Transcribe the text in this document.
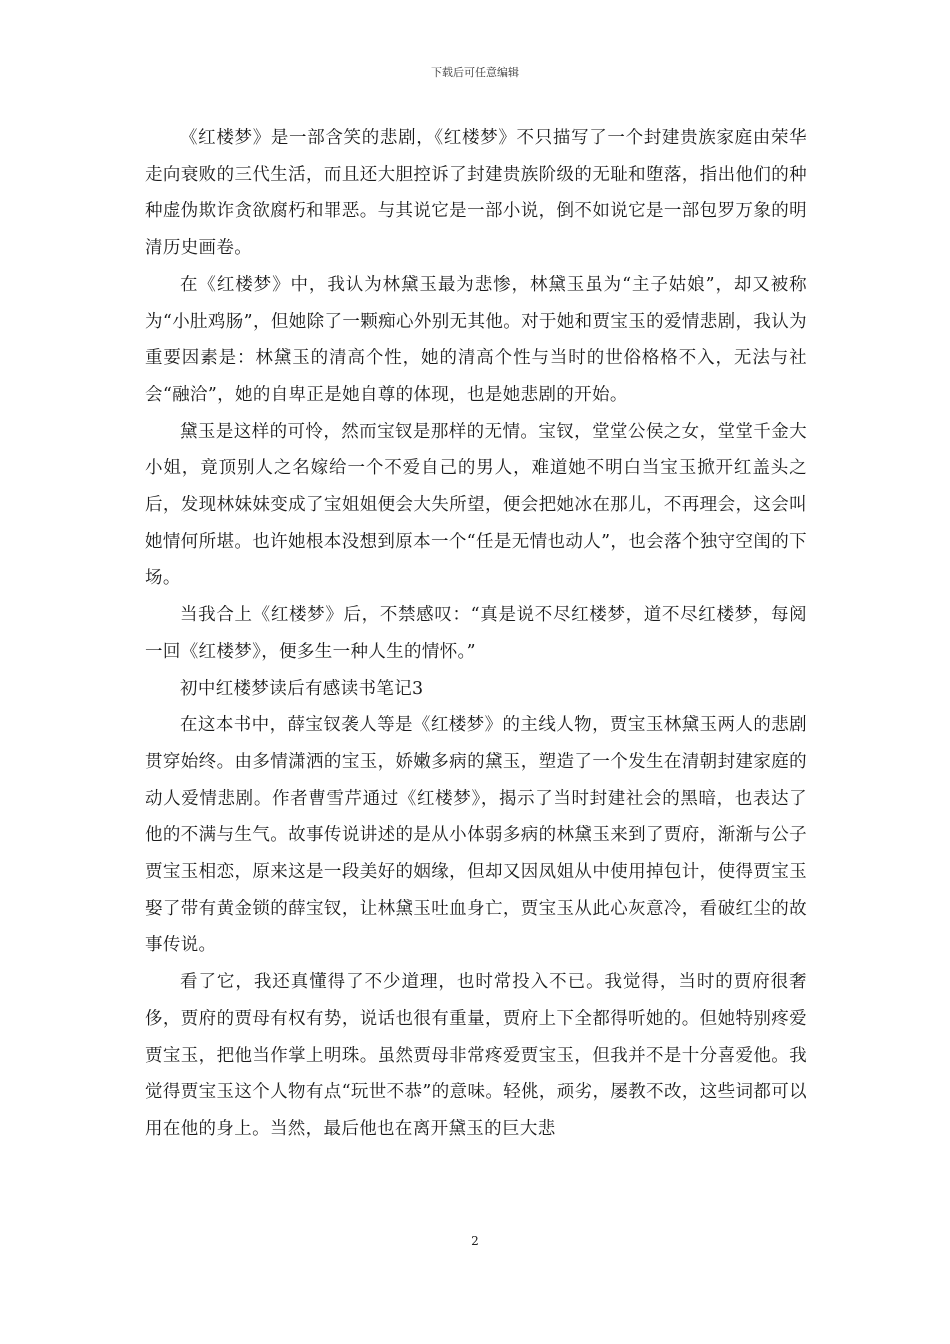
下载后可任意编辑

《红楼梦》是一部含笑的悲剧，《红楼梦》不只描写了一个封建贵族家庭由荣华走向衰败的三代生活，而且还大胆控诉了封建贵族阶级的无耻和堕落，指出他们的种种虚伪欺诈贪欲腐朽和罪恶。与其说它是一部小说，倒不如说它是一部包罗万象的明清历史画卷。

在《红楼梦》中，我认为林黛玉最为悲惨，林黛玉虽为“主子姑娘”，却又被称为“小肚鸡肠”，但她除了一颗痴心外别无其他。对于她和贾宝玉的爱情悲剧，我认为重要因素是：林黛玉的清高个性，她的清高个性与当时的世俗格格不入，无法与社会“融洽”，她的自卑正是她自尊的体现，也是她悲剧的开始。

黛玉是这样的可怜，然而宝钗是那样的无情。宝钗，堂堂公侯之女，堂堂千金大小姐，竟顶别人之名嫁给一个不爱自己的男人，难道她不明白当宝玉掀开红盖头之后，发现林妹妹变成了宝姐姐便会大失所望，便会把她冰在那儿，不再理会，这会叫她情何所堪。也许她根本没想到原本一个“任是无情也动人”，也会落个独守空闺的下场。

当我合上《红楼梦》后，不禁感叹：“真是说不尽红楼梦，道不尽红楼梦，每阅一回《红楼梦》，便多生一种人生的情怀。”

初中红楼梦读后有感读书笔记3

在这本书中，薛宝钗袭人等是《红楼梦》的主线人物，贾宝玉林黛玉两人的悲剧贯穿始终。由多情潇洒的宝玉，娇嫩多病的黛玉，塑造了一个发生在清朝封建家庭的动人爱情悲剧。作者曹雪芹通过《红楼梦》，揭示了当时封建社会的黑暗，也表达了他的不满与生气。故事传说讲述的是从小体弱多病的林黛玉来到了贾府，渐渐与公子贾宝玉相恋，原来这是一段美好的姻缘，但却又因凤姐从中使用掉包计，使得贾宝玉娶了带有黄金锁的薛宝钗，让林黛玉吐血身亡，贾宝玉从此心灰意冷，看破红尘的故事传说。

看了它，我还真懂得了不少道理，也时常投入不已。我觉得，当时的贾府很奢侈，贾府的贾母有权有势，说话也很有重量，贾府上下全都得听她的。但她特别疼爱贾宝玉，把他当作掌上明珠。虽然贾母非常疼爱贾宝玉，但我并不是十分喜爱他。我觉得贾宝玉这个人物有点“玩世不恭”的意味。轻佻，顽劣，屡教不改，这些词都可以用在他的身上。当然，最后他也在离开黛玉的巨大悲

2
